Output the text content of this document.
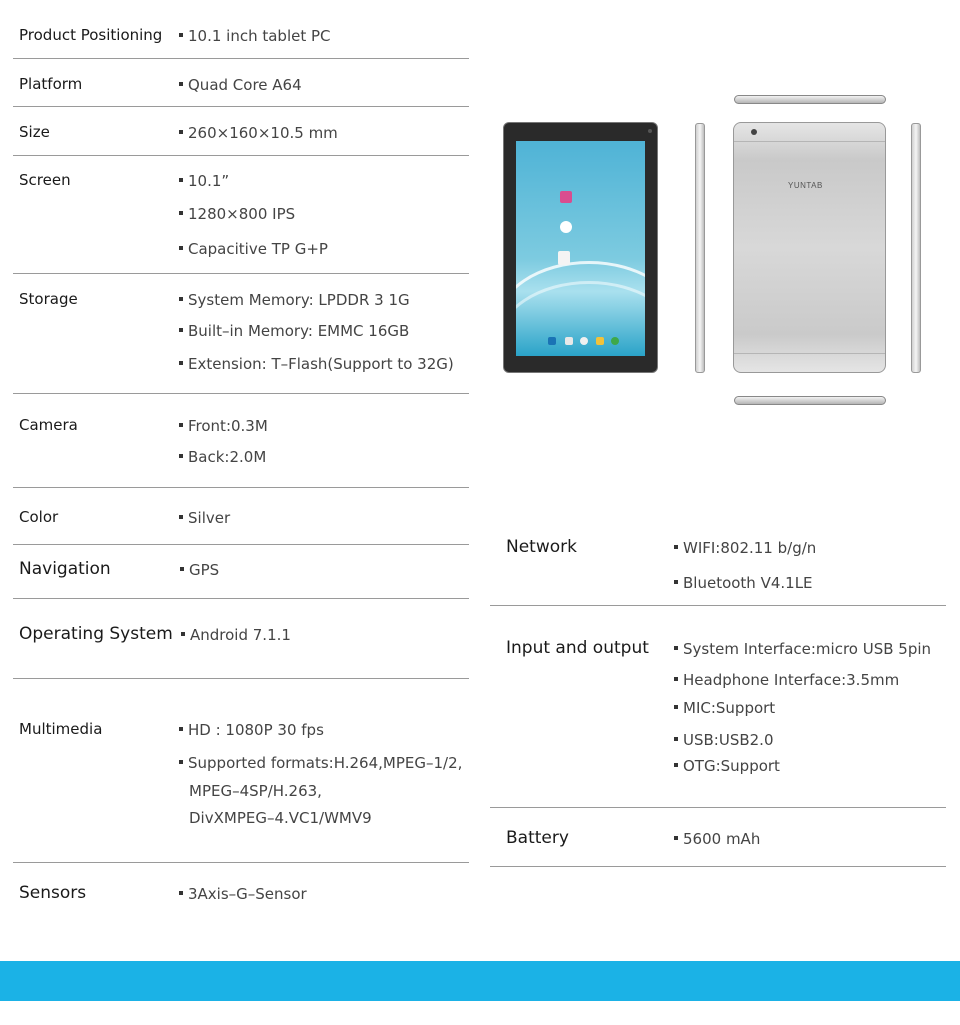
Product Positioning	10.1 inch tablet PC
Platform	Quad Core A64
Size	260×160×10.5 mm
Screen	10.1”
1280×800 IPS
Capacitive TP G+P
Storage	System Memory: LPDDR 3 1G
Built–in Memory: EMMC 16GB
Extension: T–Flash(Support to 32G)
Camera	Front:0.3M
Back:2.0M
Color	Silver
Navigation	GPS
Operating System	Android 7.1.1
Multimedia	HD : 1080P 30 fps
Supported formats:H.264,MPEG–1/2,
MPEG–4SP/H.263,
DivXMPEG–4.VC1/WMV9
Sensors	3Axis–G–Sensor
YUNTAB
Network	WIFI:802.11 b/g/n
Bluetooth V4.1LE
Input and output	System Interface:micro USB 5pin
Headphone Interface:3.5mm
MIC:Support
USB:USB2.0
OTG:Support
Battery	5600 mAh
